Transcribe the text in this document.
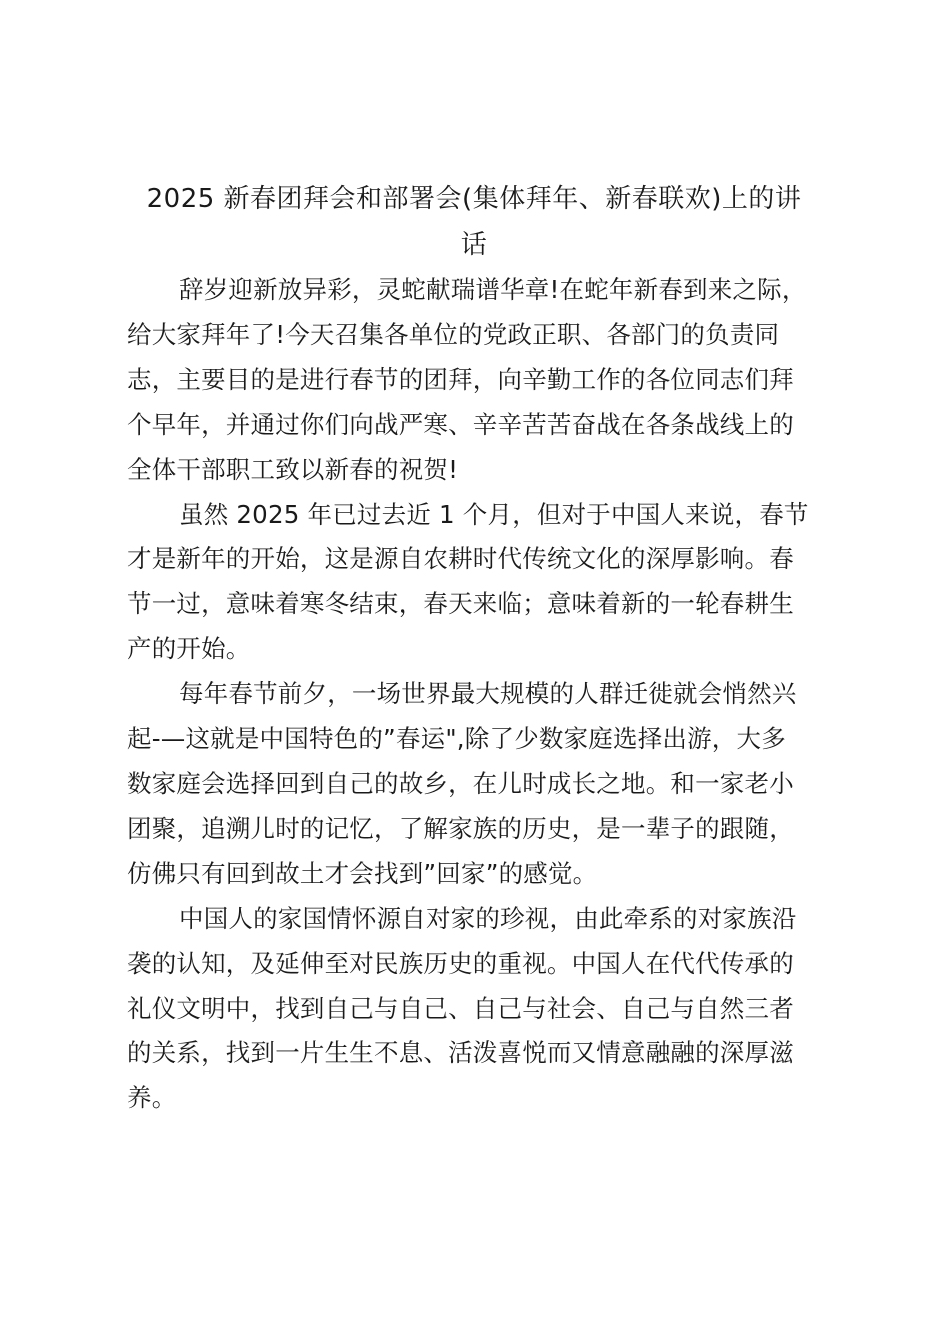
2025 新春团拜会和部署会(集体拜年、新春联欢)上的讲
话

辞岁迎新放异彩，灵蛇献瑞谱华章!在蛇年新春到来之际，
给大家拜年了!今天召集各单位的党政正职、各部门的负责同
志，主要目的是进行春节的团拜，向辛勤工作的各位同志们拜
个早年，并通过你们向战严寒、辛辛苦苦奋战在各条战线上的
全体干部职工致以新春的祝贺!

虽然 2025 年已过去近 1 个月，但对于中国人来说，春节
才是新年的开始，这是源自农耕时代传统文化的深厚影响。春
节一过，意味着寒冬结束，春天来临；意味着新的一轮春耕生
产的开始。

每年春节前夕，一场世界最大规模的人群迁徙就会悄然兴
起-—这就是中国特色的”春运",除了少数家庭选择出游，大多
数家庭会选择回到自己的故乡，在儿时成长之地。和一家老小
团聚，追溯儿时的记忆，了解家族的历史，是一辈子的跟随，
仿佛只有回到故土才会找到”回家”的感觉。

中国人的家国情怀源自对家的珍视，由此牵系的对家族沿
袭的认知，及延伸至对民族历史的重视。中国人在代代传承的
礼仪文明中，找到自己与自己、自己与社会、自己与自然三者
的关系，找到一片生生不息、活泼喜悦而又情意融融的深厚滋
养。
